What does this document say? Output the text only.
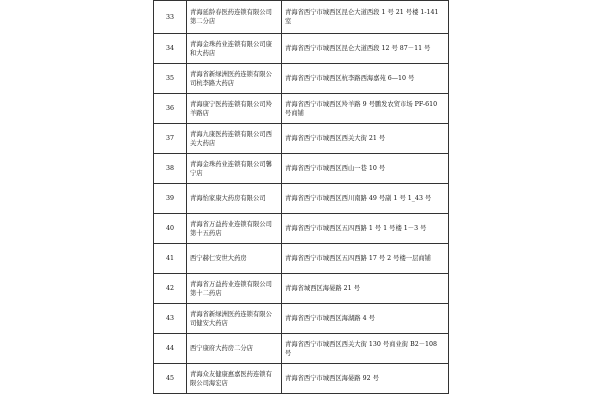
33	青海延龄春医药连锁有限公司第二分店	青海省西宁市城西区昆仑大道西段 1 号 21 号楼 1-141 室
34	青海金珠药业连锁有限公司康和大药店	青海省西宁市城西区昆仑大道西段 12 号 87－11 号
35	青海省新绿洲医药连锁有限公司杭李路大药店	青海省西宁市城西区杭李路西海嘉苑 6—10 号
36	青海康宁医药连锁有限公司羚羊路店	青海省西宁市城西区羚羊路 9 号鹏发农贸市场 PF-610 号商铺
37	青海九康医药连锁有限公司西关大药店	青海省西宁市城西区西关大街 21 号
38	青海金珠药业连锁有限公司馨宁店	青海省西宁市城西区西山一巷 10 号
39	青海怡家康大药房有限公司	青海省西宁市城西区西川南路 49 号副 1 号 1_43 号
40	青海省万益药业连锁有限公司第十五药店	青海省西宁市城西区五四西路 1 号 1 号楼 1－3 号
41	西宁赫仁安世大药房	青海省西宁市城西区五四西路 17 号 2 号楼一层商铺
42	青海省万益药业连锁有限公司第十二药店	青海省城西区海晏路 21 号
43	青海省新绿洲医药连锁有限公司健安大药店	青海省西宁市城西区海湖路 4 号
44	西宁康府大药房二分店	青海省西宁市城西区西关大街 130 号商业街 B2－108 号
45	青海众友健康惠嘉医药连锁有限公司海宏店	青海省西宁市城西区海晏路 92 号
